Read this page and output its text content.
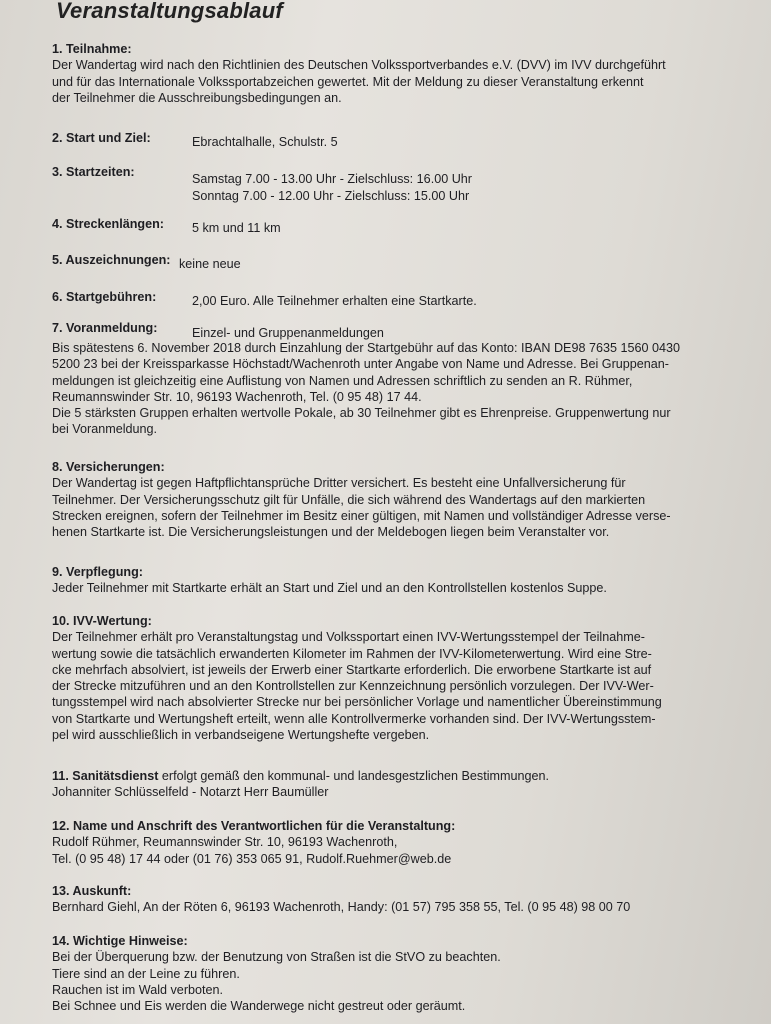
Veranstaltungsablauf
1. Teilnahme:
Der Wandertag wird nach den Richtlinien des Deutschen Volkssportverbandes e.V. (DVV) im IVV durchgeführt
und für das Internationale Volkssportabzeichen gewertet. Mit der Meldung zu dieser Veranstaltung erkennt
der Teilnehmer die Ausschreibungsbedingungen an.
2. Start und Ziel:	Ebrachtalhalle, Schulstr. 5
3. Startzeiten:	Samstag 7.00 - 13.00 Uhr - Zielschluss: 16.00 Uhr
Sonntag 7.00 - 12.00 Uhr - Zielschluss: 15.00 Uhr
4. Streckenlängen: 5 km und 11 km
5. Auszeichnungen: keine neue
6. Startgebühren:	2,00 Euro. Alle Teilnehmer erhalten eine Startkarte.
7. Voranmeldung:	Einzel- und Gruppenanmeldungen
Bis spätestens 6. November 2018 durch Einzahlung der Startgebühr auf das Konto: IBAN DE98 7635 1560 0430
5200 23 bei der Kreissparkasse Höchstadt/Wachenroth unter Angabe von Name und Adresse. Bei Gruppenan-
meldungen ist gleichzeitig eine Auflistung von Namen und Adressen schriftlich zu senden an R. Rühmer,
Reumannswinder Str. 10, 96193 Wachenroth, Tel. (0 95 48) 17 44.
Die 5 stärksten Gruppen erhalten wertvolle Pokale, ab 30 Teilnehmer gibt es Ehrenpreise. Gruppenwertung nur
bei Voranmeldung.
8. Versicherungen:
Der Wandertag ist gegen Haftpflichtansprüche Dritter versichert. Es besteht eine Unfallversicherung für
Teilnehmer. Der Versicherungsschutz gilt für Unfälle, die sich während des Wandertags auf den markierten
Strecken ereignen, sofern der Teilnehmer im Besitz einer gültigen, mit Namen und vollständiger Adresse verse-
henen Startkarte ist. Die Versicherungsleistungen und der Meldebogen liegen beim Veranstalter vor.
9. Verpflegung:
Jeder Teilnehmer mit Startkarte erhält an Start und Ziel und an den Kontrollstellen kostenlos Suppe.
10. IVV-Wertung:
Der Teilnehmer erhält pro Veranstaltungstag und Volkssportart einen IVV-Wertungsstempel der Teilnahme-
wertung sowie die tatsächlich erwanderten Kilometer im Rahmen der IVV-Kilometerwertung. Wird eine Stre-
cke mehrfach absolviert, ist jeweils der Erwerb einer Startkarte erforderlich. Die erworbene Startkarte ist auf
der Strecke mitzuführen und an den Kontrollstellen zur Kennzeichnung persönlich vorzulegen. Der IVV-Wer-
tungsstempel wird nach absolvierter Strecke nur bei persönlicher Vorlage und namentlicher Übereinstimmung
von Startkarte und Wertungsheft erteilt, wenn alle Kontrollvermerke vorhanden sind. Der IVV-Wertungsstem-
pel wird ausschließlich in verbandseigene Wertungshefte vergeben.
11. Sanitätsdienst erfolgt gemäß den kommunal- und landesgestzlichen Bestimmungen.
Johanniter Schlüsselfeld - Notarzt Herr Baumüller
12. Name und Anschrift des Verantwortlichen für die Veranstaltung:
Rudolf Rühmer, Reumannswinder Str. 10, 96193 Wachenroth,
Tel. (0 95 48) 17 44 oder (01 76) 353 065 91, Rudolf.Ruehmer@web.de
13. Auskunft:
Bernhard Giehl, An der Röten 6, 96193 Wachenroth, Handy: (01 57) 795 358 55, Tel. (0 95 48) 98 00 70
14. Wichtige Hinweise:
Bei der Überquerung bzw. der Benutzung von Straßen ist die StVO zu beachten.
Tiere sind an der Leine zu führen.
Rauchen ist im Wald verboten.
Bei Schnee und Eis werden die Wanderwege nicht gestreut oder geräumt.
